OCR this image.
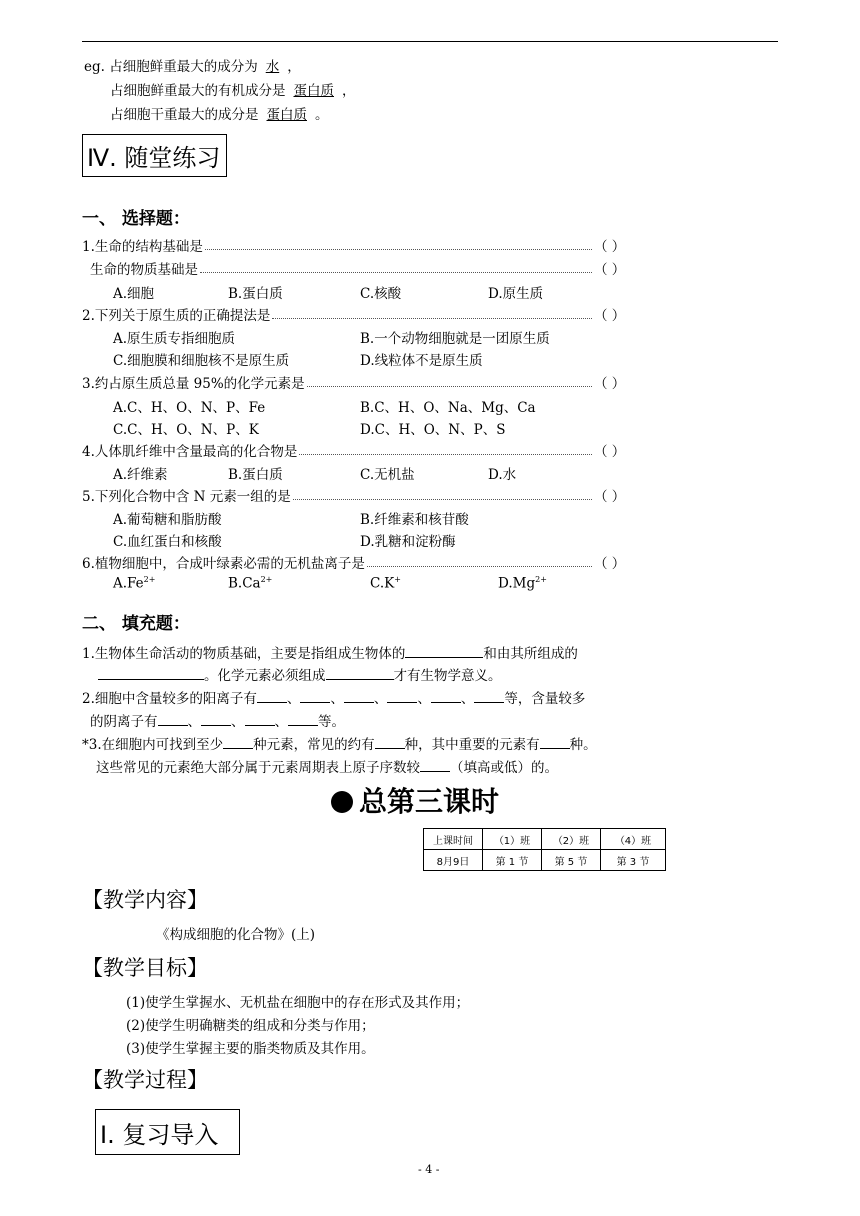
eg. 占细胞鲜重最大的成分为 水 ，
占细胞鲜重最大的有机成分是 蛋白质 ，
占细胞干重最大的成分是 蛋白质 。
Ⅳ. 随堂练习
一、 选择题：
1.生命的结构基础是	（ ）
生命的物质基础是	（ ）
A.细胞	B.蛋白质	C.核酸	D.原生质
2.下列关于原生质的正确提法是	（ ）
A.原生质专指细胞质	B.一个动物细胞就是一团原生质
C.细胞膜和细胞核不是原生质	D.线粒体不是原生质
3.约占原生质总量 95%的化学元素是	（ ）
A.C、H、O、N、P、Fe	B.C、H、O、Na、Mg、Ca
C.C、H、O、N、P、K	D.C、H、O、N、P、S
4.人体肌纤维中含量最高的化合物是	（ ）
A.纤维素	B.蛋白质	C.无机盐	D.水
5.下列化合物中含 N 元素一组的是	（ ）
A.葡萄糖和脂肪酸	B.纤维素和核苷酸
C.血红蛋白和核酸	D.乳糖和淀粉酶
6.植物细胞中，合成叶绿素必需的无机盐离子是	（ ）
$A.Fe^{2+}$	$B.Ca^{2+}$	C.K+	$D.Mg^{2+}$
二、 填充题：
1.生物体生命活动的物质基础，主要是指组成生物体的	和由其所组成的
。化学元素必须组成	才有生物学意义。
2.细胞中含量较多的阳离子有 、 、 、 、 、 等，含量较多
的阴离子有 、 、 、 等。
*3.在细胞内可找到至少 种元素，常见的约有 种，其中重要的元素有 种。
这些常见的元素绝大部分属于元素周期表上原子序数较 （填高或低）的。
总第三课时
上课时间	（1）班	（2）班	（4）班
8月9日	第 1 节	第 5 节	第 3 节
【教学内容】
《构成细胞的化合物》(上)
【教学目标】
(1)使学生掌握水、无机盐在细胞中的存在形式及其作用；
(2)使学生明确糖类的组成和分类与作用；
(3)使学生掌握主要的脂类物质及其作用。
【教学过程】
Ⅰ. 复习导入
- 4 -
